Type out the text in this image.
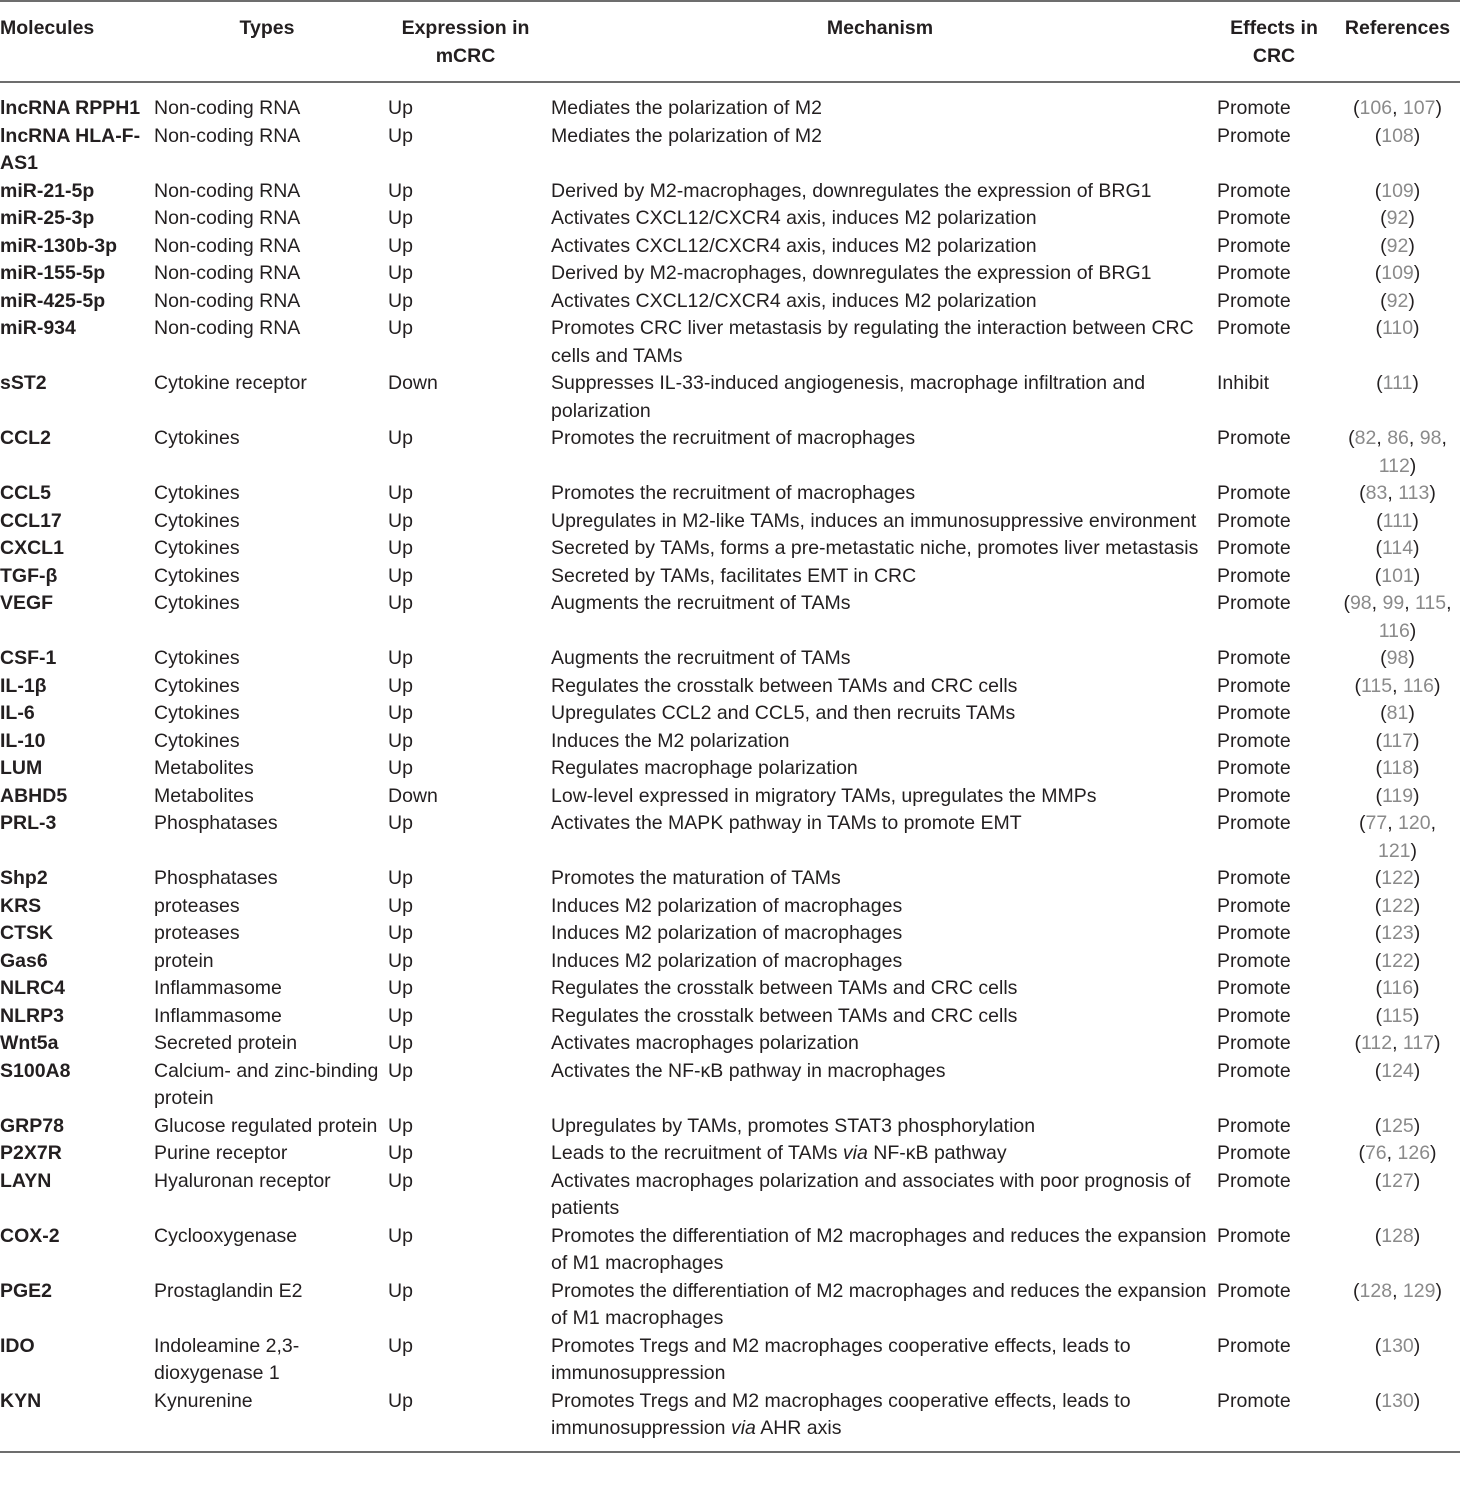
Molecules	Types	Expression in mCRC	Mechanism	Effects in CRC	References
lncRNA RPPH1	Non-coding RNA	Up	Mediates the polarization of M2	Promote	(106, 107)
lncRNA HLA-F-AS1	Non-coding RNA	Up	Mediates the polarization of M2	Promote	(108)
miR-21-5p	Non-coding RNA	Up	Derived by M2-macrophages, downregulates the expression of BRG1	Promote	(109)
miR-25-3p	Non-coding RNA	Up	Activates CXCL12/CXCR4 axis, induces M2 polarization	Promote	(92)
miR-130b-3p	Non-coding RNA	Up	Activates CXCL12/CXCR4 axis, induces M2 polarization	Promote	(92)
miR-155-5p	Non-coding RNA	Up	Derived by M2-macrophages, downregulates the expression of BRG1	Promote	(109)
miR-425-5p	Non-coding RNA	Up	Activates CXCL12/CXCR4 axis, induces M2 polarization	Promote	(92)
miR-934	Non-coding RNA	Up	Promotes CRC liver metastasis by regulating the interaction between CRC cells and TAMs	Promote	(110)
sST2	Cytokine receptor	Down	Suppresses IL-33-induced angiogenesis, macrophage infiltration and polarization	Inhibit	(111)
CCL2	Cytokines	Up	Promotes the recruitment of macrophages	Promote	(82, 86, 98, 112)
CCL5	Cytokines	Up	Promotes the recruitment of macrophages	Promote	(83, 113)
CCL17	Cytokines	Up	Upregulates in M2-like TAMs, induces an immunosuppressive environment	Promote	(111)
CXCL1	Cytokines	Up	Secreted by TAMs, forms a pre-metastatic niche, promotes liver metastasis	Promote	(114)
TGF-β	Cytokines	Up	Secreted by TAMs, facilitates EMT in CRC	Promote	(101)
VEGF	Cytokines	Up	Augments the recruitment of TAMs	Promote	(98, 99, 115, 116)
CSF-1	Cytokines	Up	Augments the recruitment of TAMs	Promote	(98)
IL-1β	Cytokines	Up	Regulates the crosstalk between TAMs and CRC cells	Promote	(115, 116)
IL-6	Cytokines	Up	Upregulates CCL2 and CCL5, and then recruits TAMs	Promote	(81)
IL-10	Cytokines	Up	Induces the M2 polarization	Promote	(117)
LUM	Metabolites	Up	Regulates macrophage polarization	Promote	(118)
ABHD5	Metabolites	Down	Low-level expressed in migratory TAMs, upregulates the MMPs	Promote	(119)
PRL-3	Phosphatases	Up	Activates the MAPK pathway in TAMs to promote EMT	Promote	(77, 120, 121)
Shp2	Phosphatases	Up	Promotes the maturation of TAMs	Promote	(122)
KRS	proteases	Up	Induces M2 polarization of macrophages	Promote	(122)
CTSK	proteases	Up	Induces M2 polarization of macrophages	Promote	(123)
Gas6	protein	Up	Induces M2 polarization of macrophages	Promote	(122)
NLRC4	Inflammasome	Up	Regulates the crosstalk between TAMs and CRC cells	Promote	(116)
NLRP3	Inflammasome	Up	Regulates the crosstalk between TAMs and CRC cells	Promote	(115)
Wnt5a	Secreted protein	Up	Activates macrophages polarization	Promote	(112, 117)
S100A8	Calcium- and zinc-binding protein	Up	Activates the NF-κB pathway in macrophages	Promote	(124)
GRP78	Glucose regulated protein	Up	Upregulates by TAMs, promotes STAT3 phosphorylation	Promote	(125)
P2X7R	Purine receptor	Up	Leads to the recruitment of TAMs via NF-κB pathway	Promote	(76, 126)
LAYN	Hyaluronan receptor	Up	Activates macrophages polarization and associates with poor prognosis of patients	Promote	(127)
COX-2	Cyclooxygenase	Up	Promotes the differentiation of M2 macrophages and reduces the expansion of M1 macrophages	Promote	(128)
PGE2	Prostaglandin E2	Up	Promotes the differentiation of M2 macrophages and reduces the expansion of M1 macrophages	Promote	(128, 129)
IDO	Indoleamine 2,3-dioxygenase 1	Up	Promotes Tregs and M2 macrophages cooperative effects, leads to immunosuppression	Promote	(130)
KYN	Kynurenine	Up	Promotes Tregs and M2 macrophages cooperative effects, leads to immunosuppression via AHR axis	Promote	(130)
